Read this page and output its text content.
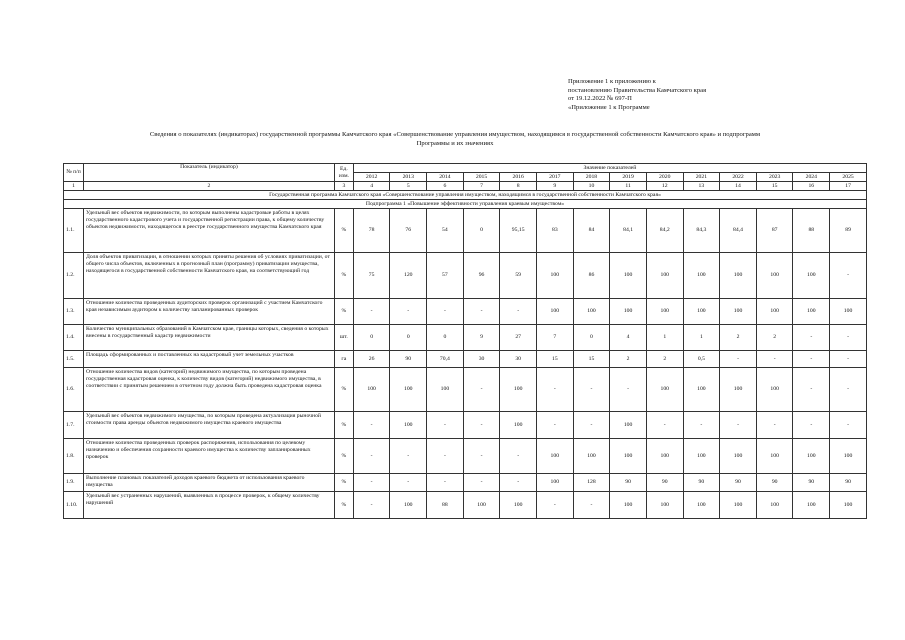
Приложение 1 к приложению к
постановлению Правительства Камчатского края
от 19.12.2022 № 697-П
«Приложение 1 к Программе
Сведения о показателях (индикаторах) государственной программы Камчатского края «Совершенствование управления имуществом, находящимся в государственной собственности Камчатского края» и подпрограмм
Программы и их значениях
№ п/п	Показатель (индикатор)	Ед. изм.	Значение показателей													
			2012	2013	2014	2015	2016	2017	2018	2019	2020	2021	2022	2023	2024	2025
1	2	3	4	5	6	7	8	9	10	11	12	13	14	15	16	17
Государственная программа Камчатского края «Совершенствование управления имуществом, находящимся в государственной собственности Камчатского края»																
Подпрограмма 1 «Повышение эффективности управления краевым имуществом»																
1.1.	Удельный вес объектов недвижимости, по которым выполнены кадастровые работы в целях государственного кадастрового учета и государственной регистрации права, к общему количеству объектов недвижимости, находящегося в реестре государственного имущества Камчатского края	%	78	76	54	0	95,15	83	84	84,1	84,2	84,3	84,4	87	88	89
1.2.	Доля объектов приватизации, в отношении которых приняты решения об условиях приватизации, от общего числа объектов, включенных в прогнозный план (программу) приватизации имущества, находящегося в государственной собственности Камчатского края, на соответствующий год	%	75	120	57	96	59	100	86	100	100	100	100	100	100	-
1.3.	Отношение количества проведенных аудиторских проверок организаций с участием Камчатского края независимым аудитором к количеству запланированных проверок	%	-	-	-	-	-	100	100	100	100	100	100	100	100	100
1.4.	Количество муниципальных образований в Камчатском крае, границы которых, сведения о которых внесены в государственный кадастр недвижимости	шт.	0	0	0	9	27	7	0	4	1	1	2	2	-	-
1.5.	Площадь сформированных и поставленных на кадастровый учет земельных участков	га	26	90	70,4	30	30	15	15	2	2	0,5	-	-	-	-
1.6.	Отношение количества видов (категорий) недвижимого имущества, по которым проведена государственная кадастровая оценка, к количеству видов (категорий) недвижимого имущества, в соответствии с принятым решением в отчетном году должна быть проведена кадастровая оценка	%	100	100	100	-	100	-	-	-	100	100	100	100	-	-
1.7.	Удельный вес объектов недвижимого имущества, по которым проведена актуализация рыночной стоимости права аренды объектов недвижимого имущества краевого имущества	%	-	100	-	-	100	-	-	100	-	-	-	-	-	-
1.8.	Отношение количества проведенных проверок распоряжения, использования по целевому назначению и обеспечения сохранности краевого имущества к количеству запланированных проверок	%	-	-	-	-	-	100	100	100	100	100	100	100	100	100
1.9.	Выполнение плановых показателей доходов краевого бюджета от использования краевого имущества	%	-	-	-	-	-	100	128	90	90	90	90	90	90	90
1.10.	Удельный вес устраненных нарушений, выявленных в процессе проверок, к общему количеству нарушений	%	-	100	88	100	100	-	-	100	100	100	100	100	100	100
